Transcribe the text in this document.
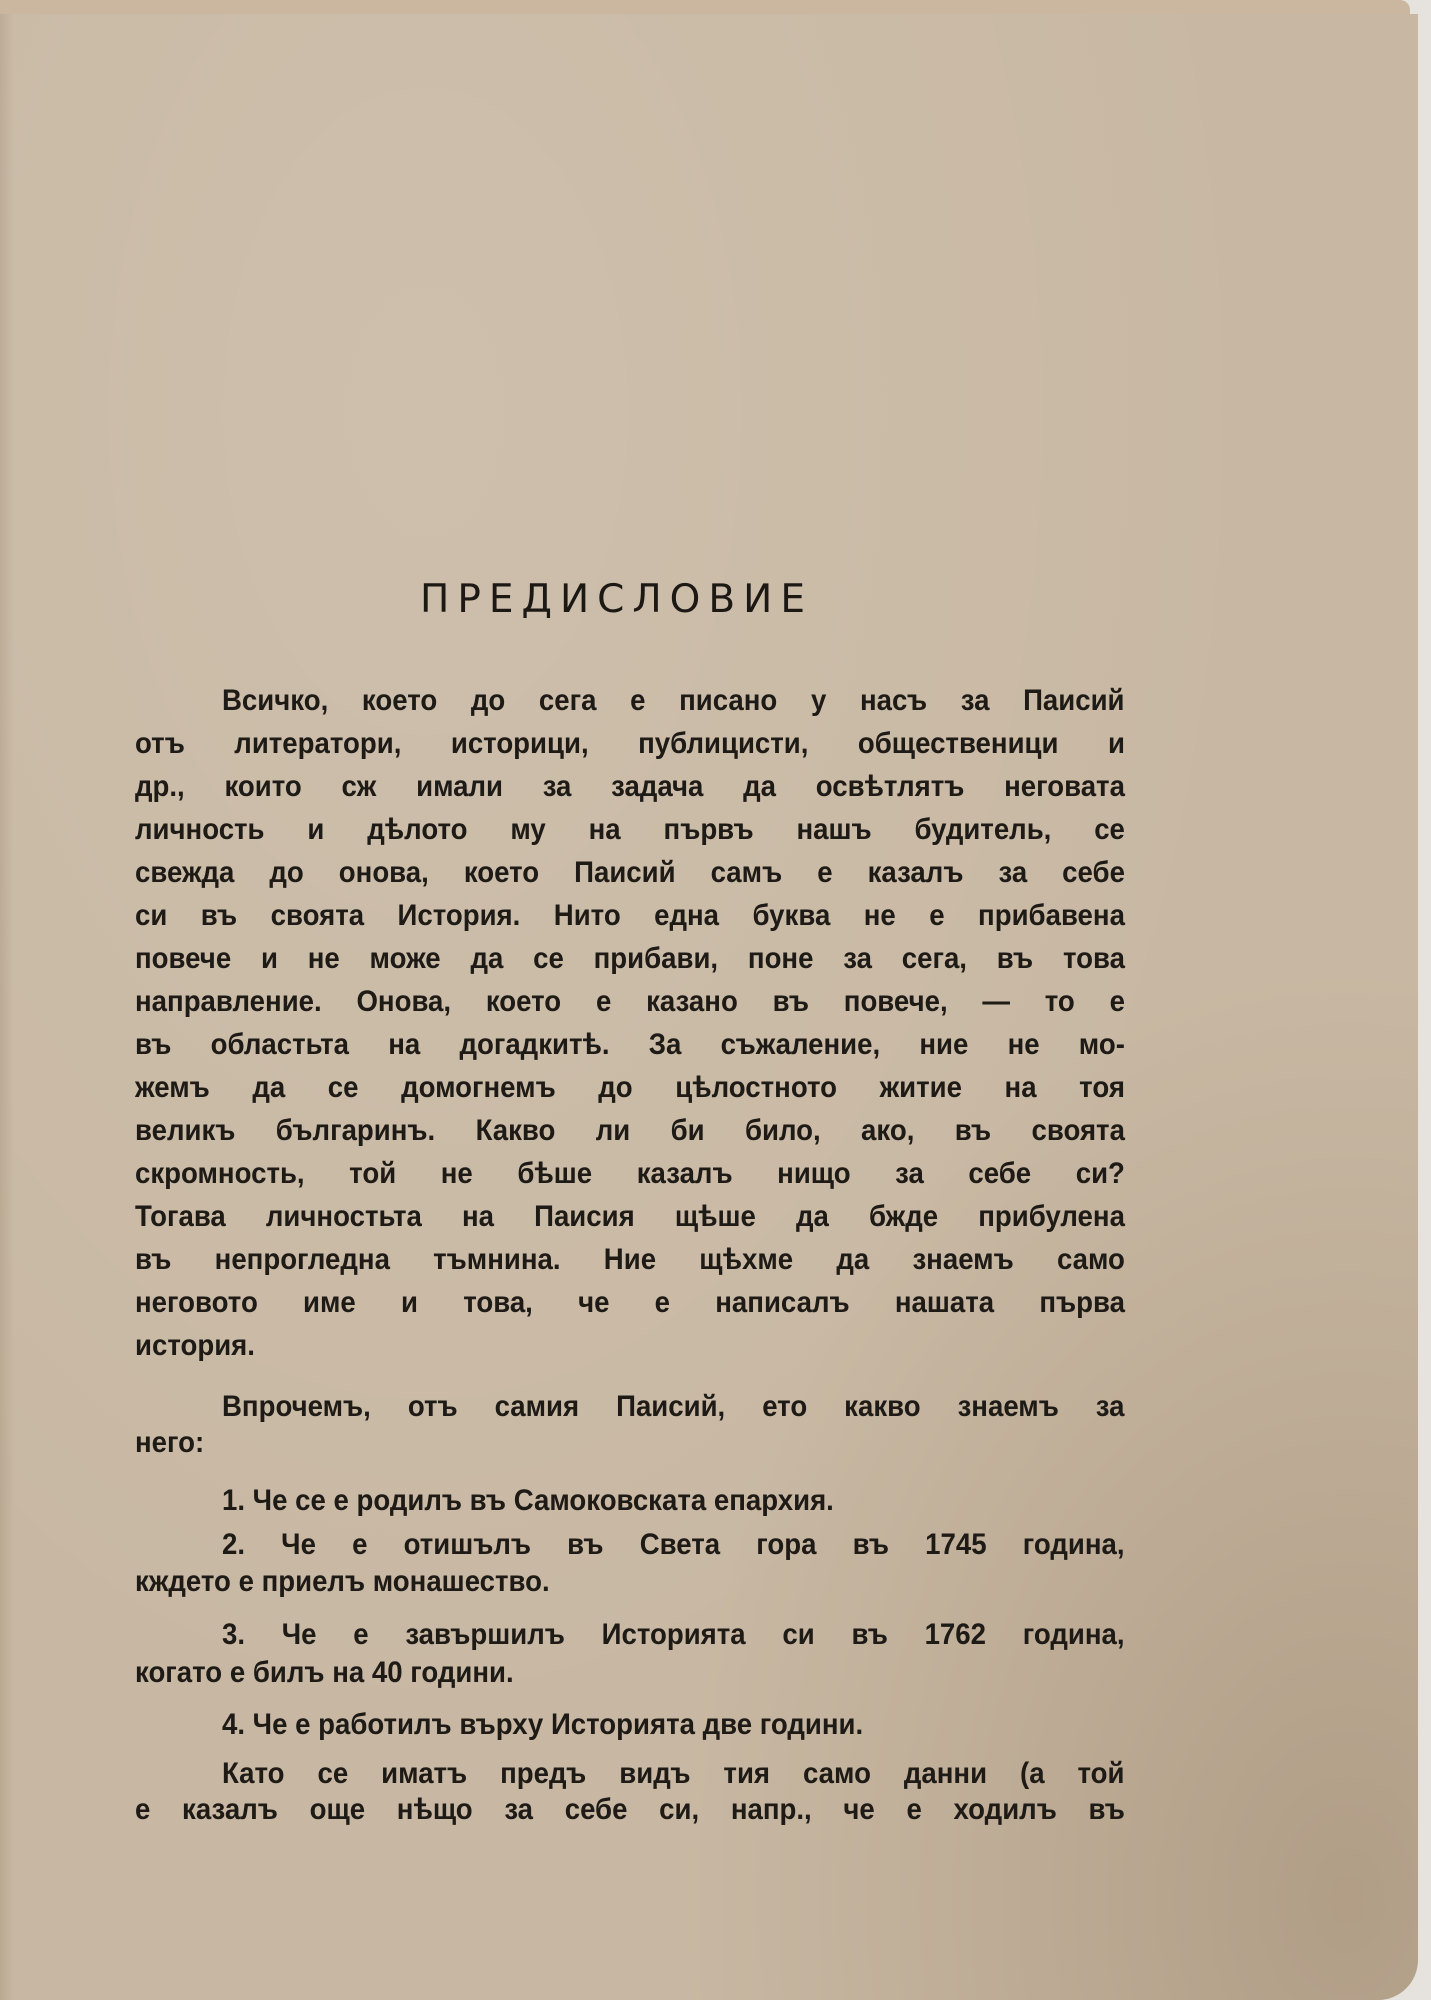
ПРЕДИСЛОВИЕ
Всичко, което до сега е писано у насъ за Паисий
отъ литератори, историци, публицисти, общественици и
др., които сж имали за задача да освѣтлятъ неговата
личность и дѣлото му на първъ нашъ будитель, се
свежда до онова, което Паисий самъ е казалъ за себе
си въ своята История. Нито една буква не е прибавена
повече и не може да се прибави, поне за сега, въ това
направление. Онова, което е казано въ повече, — то е
въ областьта на догадкитѣ. За съжаление, ние не мо-
жемъ да се домогнемъ до цѣлостното житие на тоя
великъ българинъ. Какво ли би било, ако, въ своята
скромность, той не бѣше казалъ нищо за себе си?
Тогава личностьта на Паисия щѣше да бжде прибулена
въ непрогледна тъмнина. Ние щѣхме да знаемъ само
неговото име и това, че е написалъ нашата първа
история.
Впрочемъ, отъ самия Паисий, ето какво знаемъ за
него:
1. Че се е родилъ въ Самоковската епархия.
2. Че е отишълъ въ Света гора въ 1745 година,
кждето е приелъ монашество.
3. Че е завършилъ Историята си въ 1762 година,
когато е билъ на 40 години.
4. Че е работилъ върху Историята две години.
Като се иматъ предъ видъ тия само данни (а той
е казалъ още нѣщо за себе си, напр., че е ходилъ въ
